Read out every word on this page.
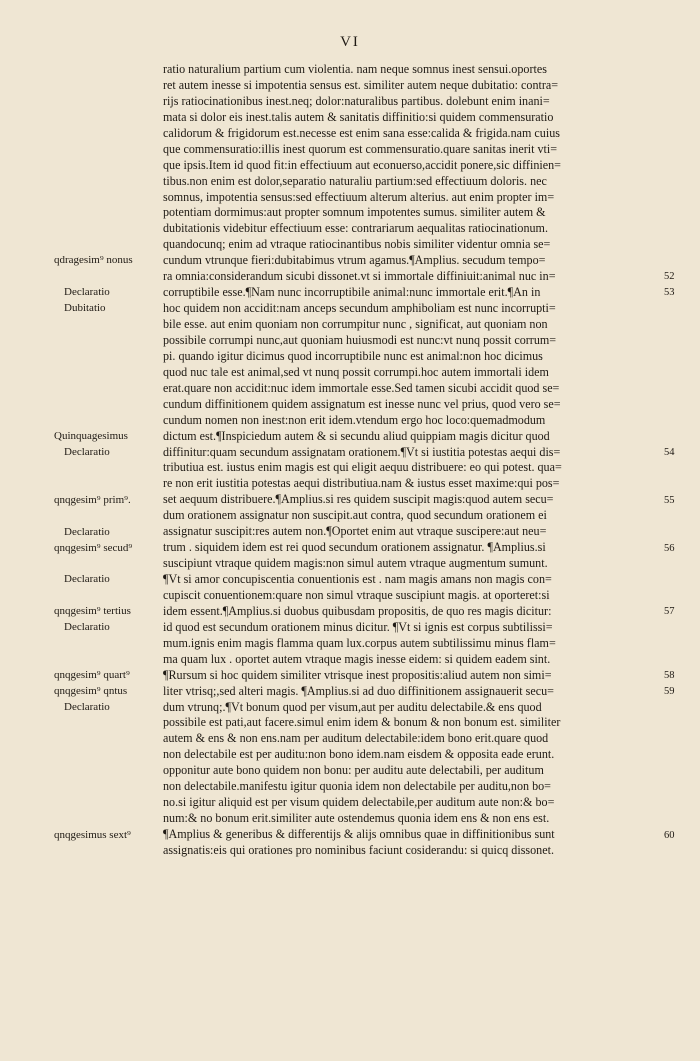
VI
qdragesim⁹ nonus
Declaratio
Dubitatio
Quinquagesimus
Declaratio
qnqgesim⁹ prim⁹.
Declaratio
qnqgesim⁹ secud⁹
Declaratio
qnqgesim⁹ tertius
Declaratio
qnqgesim⁹ quart⁹
qnqgesim⁹ qntus
Declaratio
qnqgesimus sext⁹
ratio naturalium partium cum violentia. nam neque somnus inest sensui.oportes
ret autem inesse si impotentia sensus est. similiter autem neque dubitatio: contra=
rijs ratiocinationibus inest.neq; dolor:naturalibus partibus. dolebunt enim inani=
mata si dolor eis inest.talis autem & sanitatis diffinitio:si quidem commensuratio
calidorum & frigidorum est.necesse est enim sana esse:calida & frigida.nam cuius
que commensuratio:illis inest quorum est commensuratio.quare sanitas inerit vti=
que ipsis.Item id quod fit:in effectiuum aut econuerso,accidit ponere,sic diffinien=
tibus.non enim est dolor,separatio naturaliu partium:sed effectiuum doloris. nec
somnus, impotentia sensus:sed effectiuum alterum alterius. aut enim propter im=
potentiam dormimus:aut propter somnum impotentes sumus. similiter autem &
dubitationis videbitur effectiuum esse: contrariarum aequalitas ratiocinationum.
quandocunq; enim ad vtraque ratiocinantibus nobis similiter videntur omnia se=
cundum vtrunque fieri:dubitabimus vtrum agamus.¶Amplius. secudum tempo=
ra omnia:considerandum sicubi dissonet.vt si immortale diffiniuit:animal nuc in=
corruptibile esse.¶Nam nunc incorruptibile animal:nunc immortale erit.¶An in
hoc quidem non accidit:nam anceps secundum amphiboliam est nunc incorrupti=
bile esse. aut enim quoniam non corrumpitur nunc , significat, aut quoniam non
possibile corrumpi nunc,aut quoniam huiusmodi est nunc:vt nunq possit corrum=
pi. quando igitur dicimus quod incorruptibile nunc est animal:non hoc dicimus
quod nuc tale est animal,sed vt nunq possit corrumpi.hoc autem immortali idem
erat.quare non accidit:nuc idem immortale esse.Sed tamen sicubi accidit quod se=
cundum diffinitionem quidem assignatum est inesse nunc vel prius, quod vero se=
cundum nomen non inest:non erit idem.vtendum ergo hoc loco:quemadmodum
dictum est.¶Inspiciedum autem & si secundu aliud quippiam magis dicitur quod
diffinitur:quam secundum assignatam orationem.¶Vt si iustitia potestas aequi dis=
tributiua est. iustus enim magis est qui eligit aequu distribuere: eo qui potest. qua=
re non erit iustitia potestas aequi distributiua.nam & iustus esset maxime:qui pos=
set aequum distribuere.¶Amplius.si res quidem suscipit magis:quod autem secu=
dum orationem assignatur non suscipit.aut contra, quod secundum orationem ei
assignatur suscipit:res autem non.¶Oportet enim aut vtraque suscipere:aut neu=
trum . siquidem idem est rei quod secundum orationem assignatur. ¶Amplius.si
suscipiunt vtraque quidem magis:non simul autem vtraque augmentum sumunt.
¶Vt si amor concupiscentia conuentionis est . nam magis amans non magis con=
cupiscit conuentionem:quare non simul vtraque suscipiunt magis. at oporteret:si
idem essent.¶Amplius.si duobus quibusdam propositis, de quo res magis dicitur:
id quod est secundum orationem minus dicitur. ¶Vt si ignis est corpus subtilissi=
mum.ignis enim magis flamma quam lux.corpus autem subtilissimu minus flam=
ma quam lux . oportet autem vtraque magis inesse eidem: si quidem eadem sint.
¶Rursum si hoc quidem similiter vtrisque inest propositis:aliud autem non simi=
liter vtrisq;,sed alteri magis. ¶Amplius.si ad duo diffinitionem assignauerit secu=
dum vtrunq;.¶Vt bonum quod per visum,aut per auditu delectabile.& ens quod
possibile est pati,aut facere.simul enim idem & bonum & non bonum est. similiter
autem & ens & non ens.nam per auditum delectabile:idem bono erit.quare quod
non delectabile est per auditu:non bono idem.nam eisdem & opposita eade erunt.
opponitur aute bono quidem non bonu: per auditu aute delectabili, per auditum
non delectabile.manifestu igitur quonia idem non delectabile per auditu,non bo=
no.si igitur aliquid est per visum quidem delectabile,per auditum aute non:& bo=
num:& no bonum erit.similiter aute ostendemus quonia idem ens & non ens est.
¶Amplius & generibus & differentijs & alijs omnibus quae in diffinitionibus sunt
assignatis:eis qui orationes pro nominibus faciunt cosiderandu: si quicq dissonet.
52
53
54
55
56
57
58
59
60
